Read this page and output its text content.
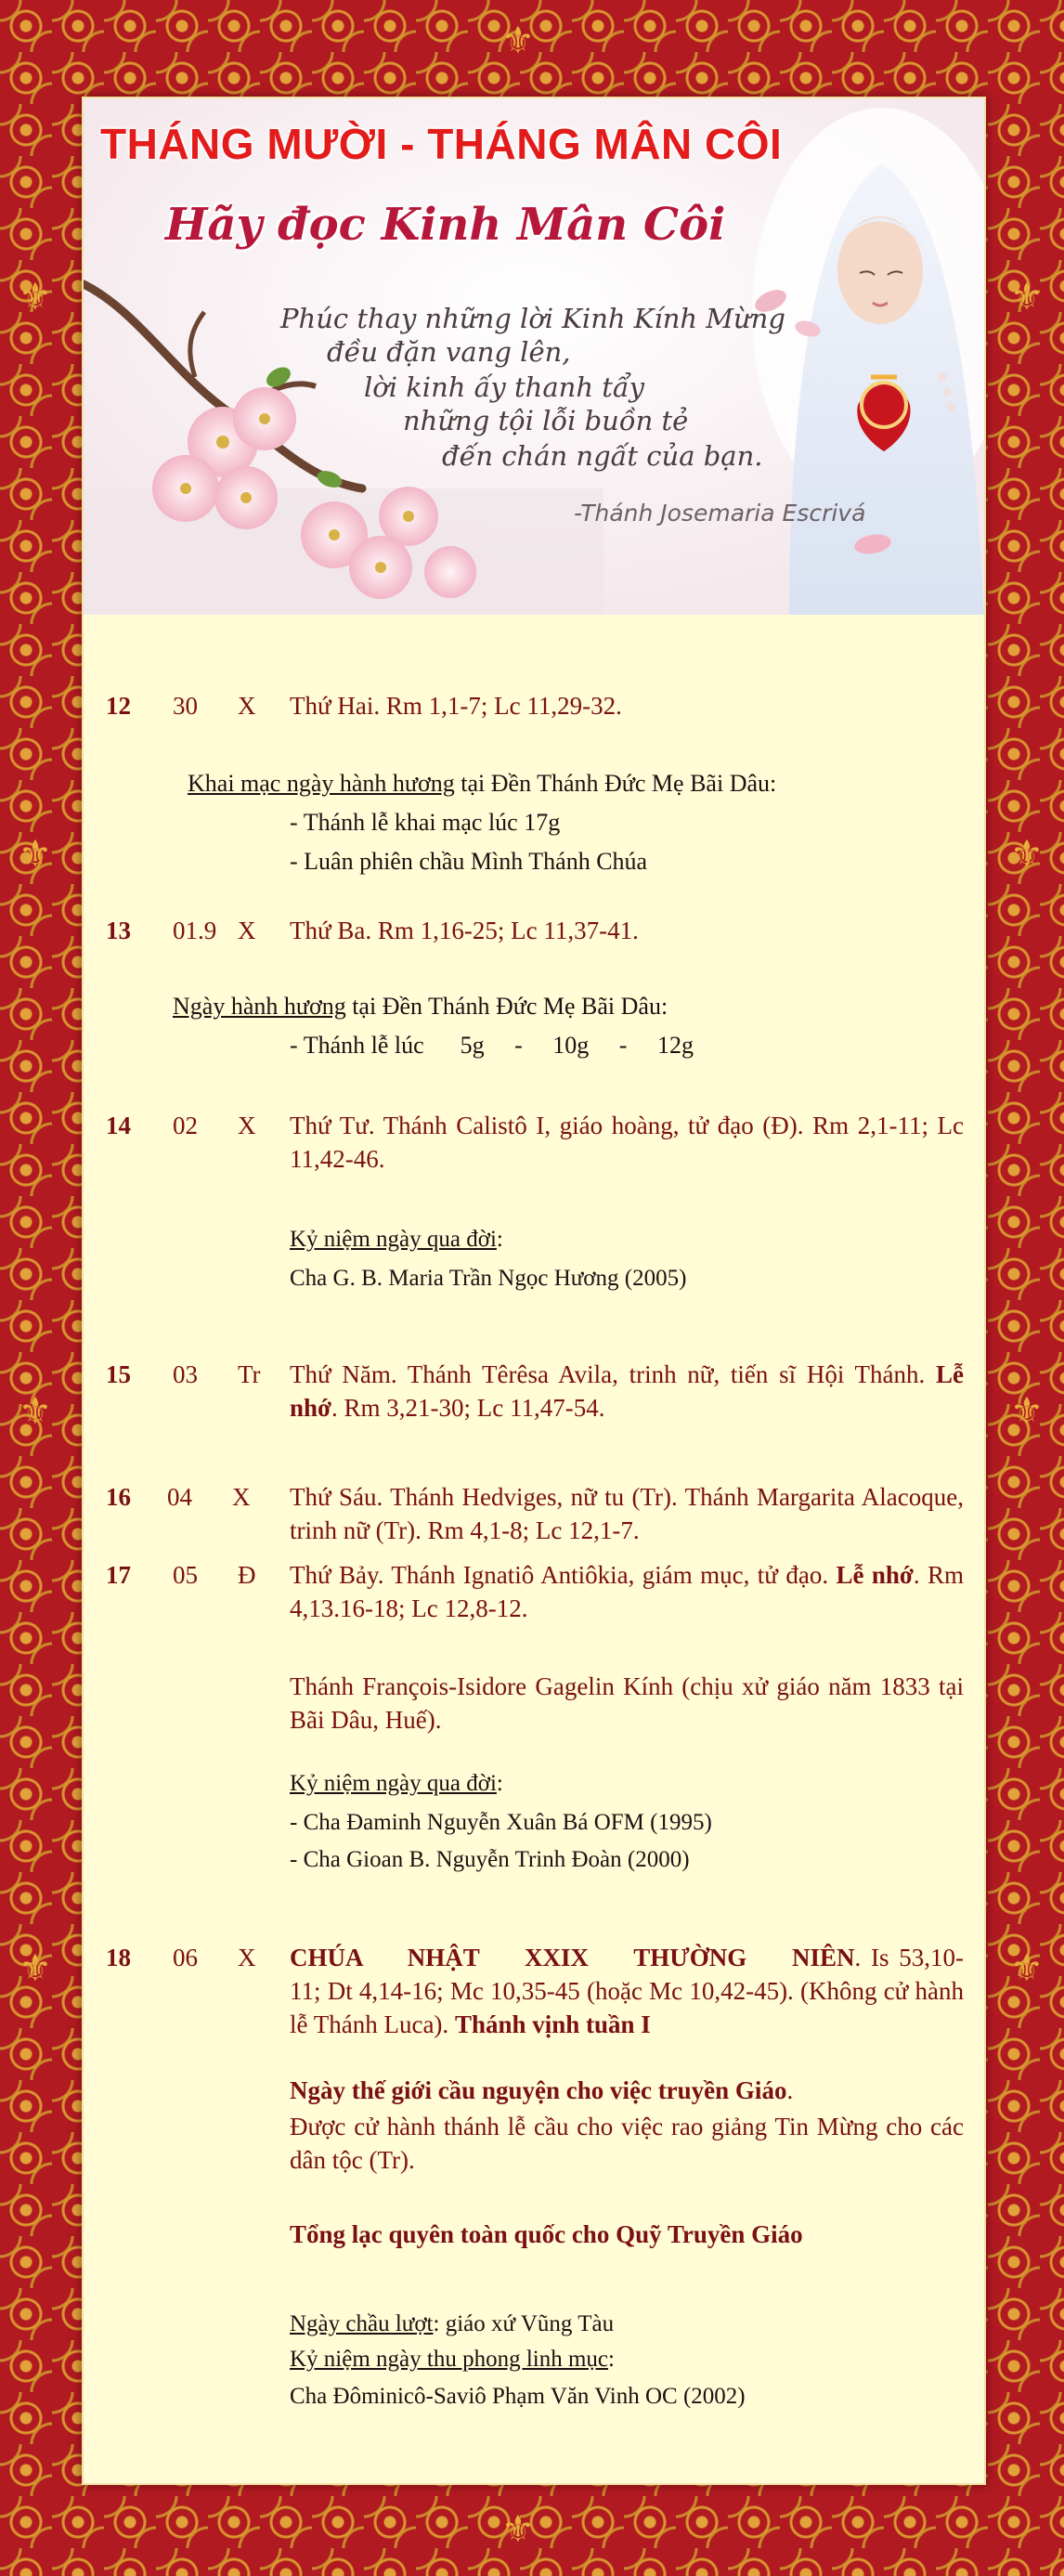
⚜
⚜
⚜
⚜
⚜
⚜
⚜
⚜
⚜
⚜
THÁNG MƯỜI - THÁNG MÂN CÔI
Hãy đọc Kinh Mân Côi
Phúc thay những lời Kinh Kính Mừng
đều đặn vang lên,
lời kinh ấy thanh tẩy
những tội lỗi buồn tẻ
đến chán ngất của bạn.
-Thánh Josemaria Escrivá
12 30 X Thứ Hai. Rm 1,1-7; Lc 11,29-32.
Khai mạc ngày hành hương tại Đền Thánh Đức Mẹ Bãi Dâu:
- Thánh lễ khai mạc lúc 17g
- Luân phiên chầu Mình Thánh Chúa
13 01.9 X Thứ Ba. Rm 1,16-25; Lc 11,37-41.
Ngày hành hương tại Đền Thánh Đức Mẹ Bãi Dâu:
- Thánh lễ lúc      5g     -     10g     -     12g
14 02 X Thứ Tư. Thánh Calistô I, giáo hoàng, tử đạo (Đ). Rm 2,1-11; Lc 11,42-46.
Kỷ niệm ngày qua đời:
Cha G. B. Maria Trần Ngọc Hương (2005)
15 03 Tr Thứ Năm. Thánh Têrêsa Avila, trinh nữ, tiến sĩ Hội Thánh. Lễ nhớ. Rm 3,21-30; Lc 11,47-54.
16 04 X Thứ Sáu. Thánh Hedviges, nữ tu (Tr). Thánh Margarita Alacoque, trinh nữ (Tr). Rm 4,1-8; Lc 12,1-7.
17 05 Đ Thứ Bảy. Thánh Ignatiô Antiôkia, giám mục, tử đạo. Lễ nhớ. Rm 4,13.16-18; Lc 12,8-12.
Thánh François-Isidore Gagelin Kính (chịu xử giáo năm 1833 tại Bãi Dâu, Huế).
Kỷ niệm ngày qua đời:
- Cha Đaminh Nguyễn Xuân Bá OFM (1995)
- Cha Gioan B. Nguyễn Trinh Đoàn (2000)
18 06 X CHÚA NHẬT XXIX THƯỜNG NIÊN. Is 53,10-11; Dt 4,14-16; Mc 10,35-45 (hoặc Mc 10,42-45). (Không cử hành lễ Thánh Luca). Thánh vịnh tuần I
Ngày thế giới cầu nguyện cho việc truyền Giáo.
Được cử hành thánh lễ cầu cho việc rao giảng Tin Mừng cho các dân tộc (Tr).
Tổng lạc quyên toàn quốc cho Quỹ Truyền Giáo
Ngày chầu lượt: giáo xứ Vũng Tàu
Kỷ niệm ngày thu phong linh mục:
Cha Đôminicô-Saviô Phạm Văn Vinh OC (2002)
